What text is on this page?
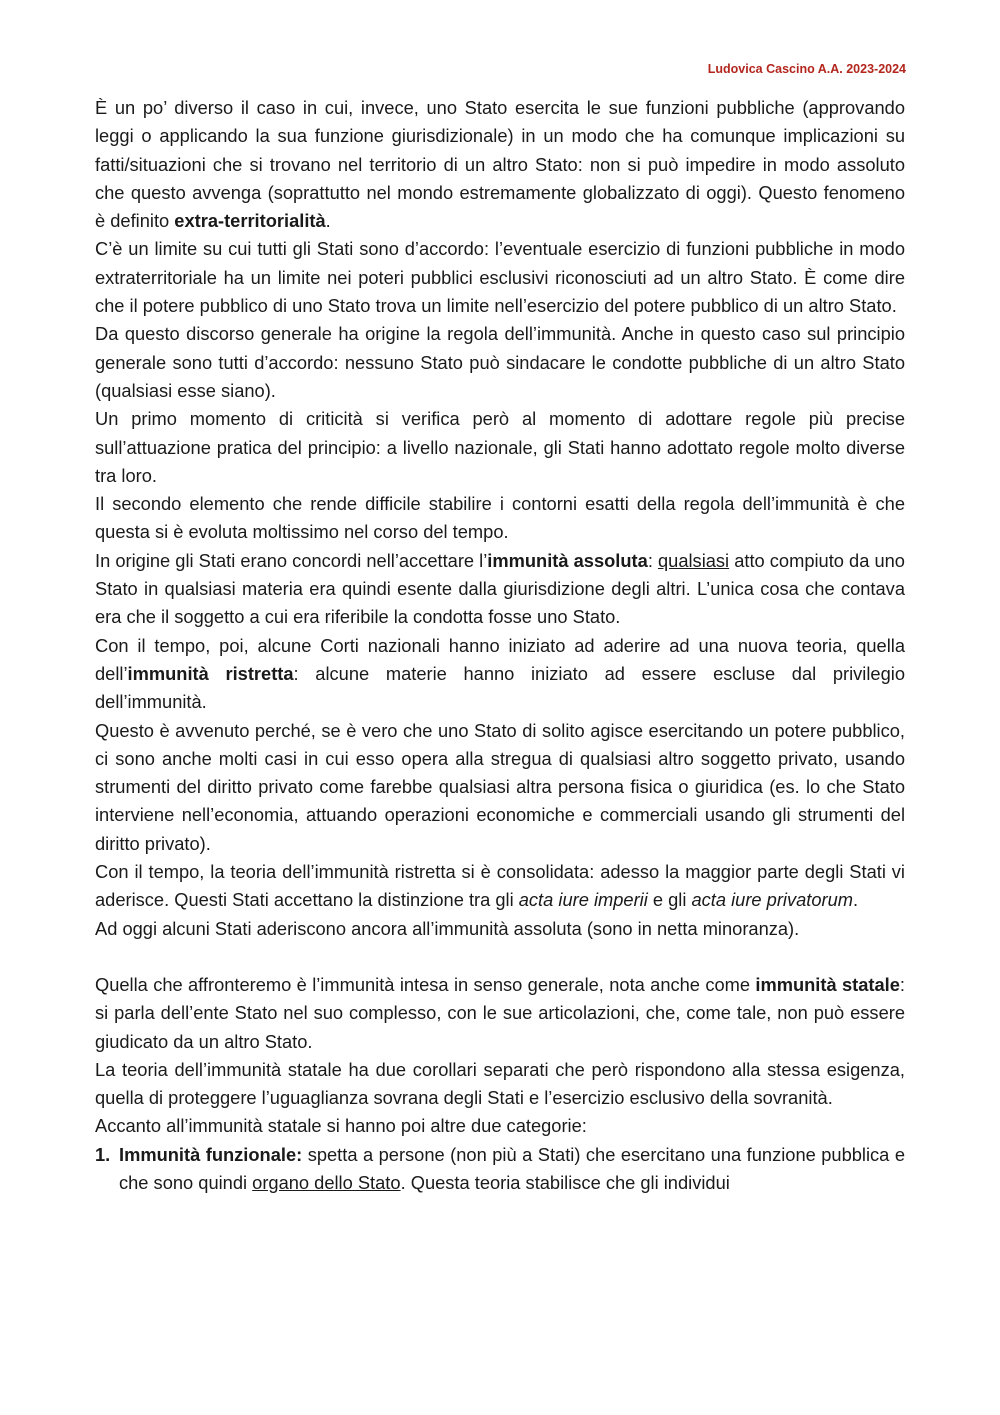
Ludovica Cascino A.A. 2023-2024

È un po’ diverso il caso in cui, invece, uno Stato esercita le sue funzioni pubbliche (approvando leggi o applicando la sua funzione giurisdizionale) in un modo che ha comunque implicazioni su fatti/situazioni che si trovano nel territorio di un altro Stato: non si può impedire in modo assoluto che questo avvenga (soprattutto nel mondo estremamente globalizzato di oggi). Questo fenomeno è definito extra-territorialità.

C’è un limite su cui tutti gli Stati sono d’accordo: l’eventuale esercizio di funzioni pubbliche in modo extraterritoriale ha un limite nei poteri pubblici esclusivi riconosciuti ad un altro Stato. È come dire che il potere pubblico di uno Stato trova un limite nell’esercizio del potere pubblico di un altro Stato.

Da questo discorso generale ha origine la regola dell’immunità. Anche in questo caso sul principio generale sono tutti d’accordo: nessuno Stato può sindacare le condotte pubbliche di un altro Stato (qualsiasi esse siano).

Un primo momento di criticità si verifica però al momento di adottare regole più precise sull’attuazione pratica del principio: a livello nazionale, gli Stati hanno adottato regole molto diverse tra loro.

Il secondo elemento che rende difficile stabilire i contorni esatti della regola dell’immunità è che questa si è evoluta moltissimo nel corso del tempo.

In origine gli Stati erano concordi nell’accettare l’immunità assoluta: qualsiasi atto compiuto da uno Stato in qualsiasi materia era quindi esente dalla giurisdizione degli altri. L’unica cosa che contava era che il soggetto a cui era riferibile la condotta fosse uno Stato.

Con il tempo, poi, alcune Corti nazionali hanno iniziato ad aderire ad una nuova teoria, quella dell’immunità ristretta: alcune materie hanno iniziato ad essere escluse dal privilegio dell’immunità.

Questo è avvenuto perché, se è vero che uno Stato di solito agisce esercitando un potere pubblico, ci sono anche molti casi in cui esso opera alla stregua di qualsiasi altro soggetto privato, usando strumenti del diritto privato come farebbe qualsiasi altra persona fisica o giuridica (es. lo che Stato interviene nell’economia, attuando operazioni economiche e commerciali usando gli strumenti del diritto privato).

Con il tempo, la teoria dell’immunità ristretta si è consolidata: adesso la maggior parte degli Stati vi aderisce. Questi Stati accettano la distinzione tra gli acta iure imperii e gli acta iure privatorum.

Ad oggi alcuni Stati aderiscono ancora all’immunità assoluta (sono in netta minoranza).

Quella che affronteremo è l’immunità intesa in senso generale, nota anche come immunità statale: si parla dell’ente Stato nel suo complesso, con le sue articolazioni, che, come tale, non può essere giudicato da un altro Stato.

La teoria dell’immunità statale ha due corollari separati che però rispondono alla stessa esigenza, quella di proteggere l’uguaglianza sovrana degli Stati e l’esercizio esclusivo della sovranità.

Accanto all’immunità statale si hanno poi altre due categorie:

1. Immunità funzionale: spetta a persone (non più a Stati) che esercitano una funzione pubblica e che sono quindi organo dello Stato. Questa teoria stabilisce che gli individui
